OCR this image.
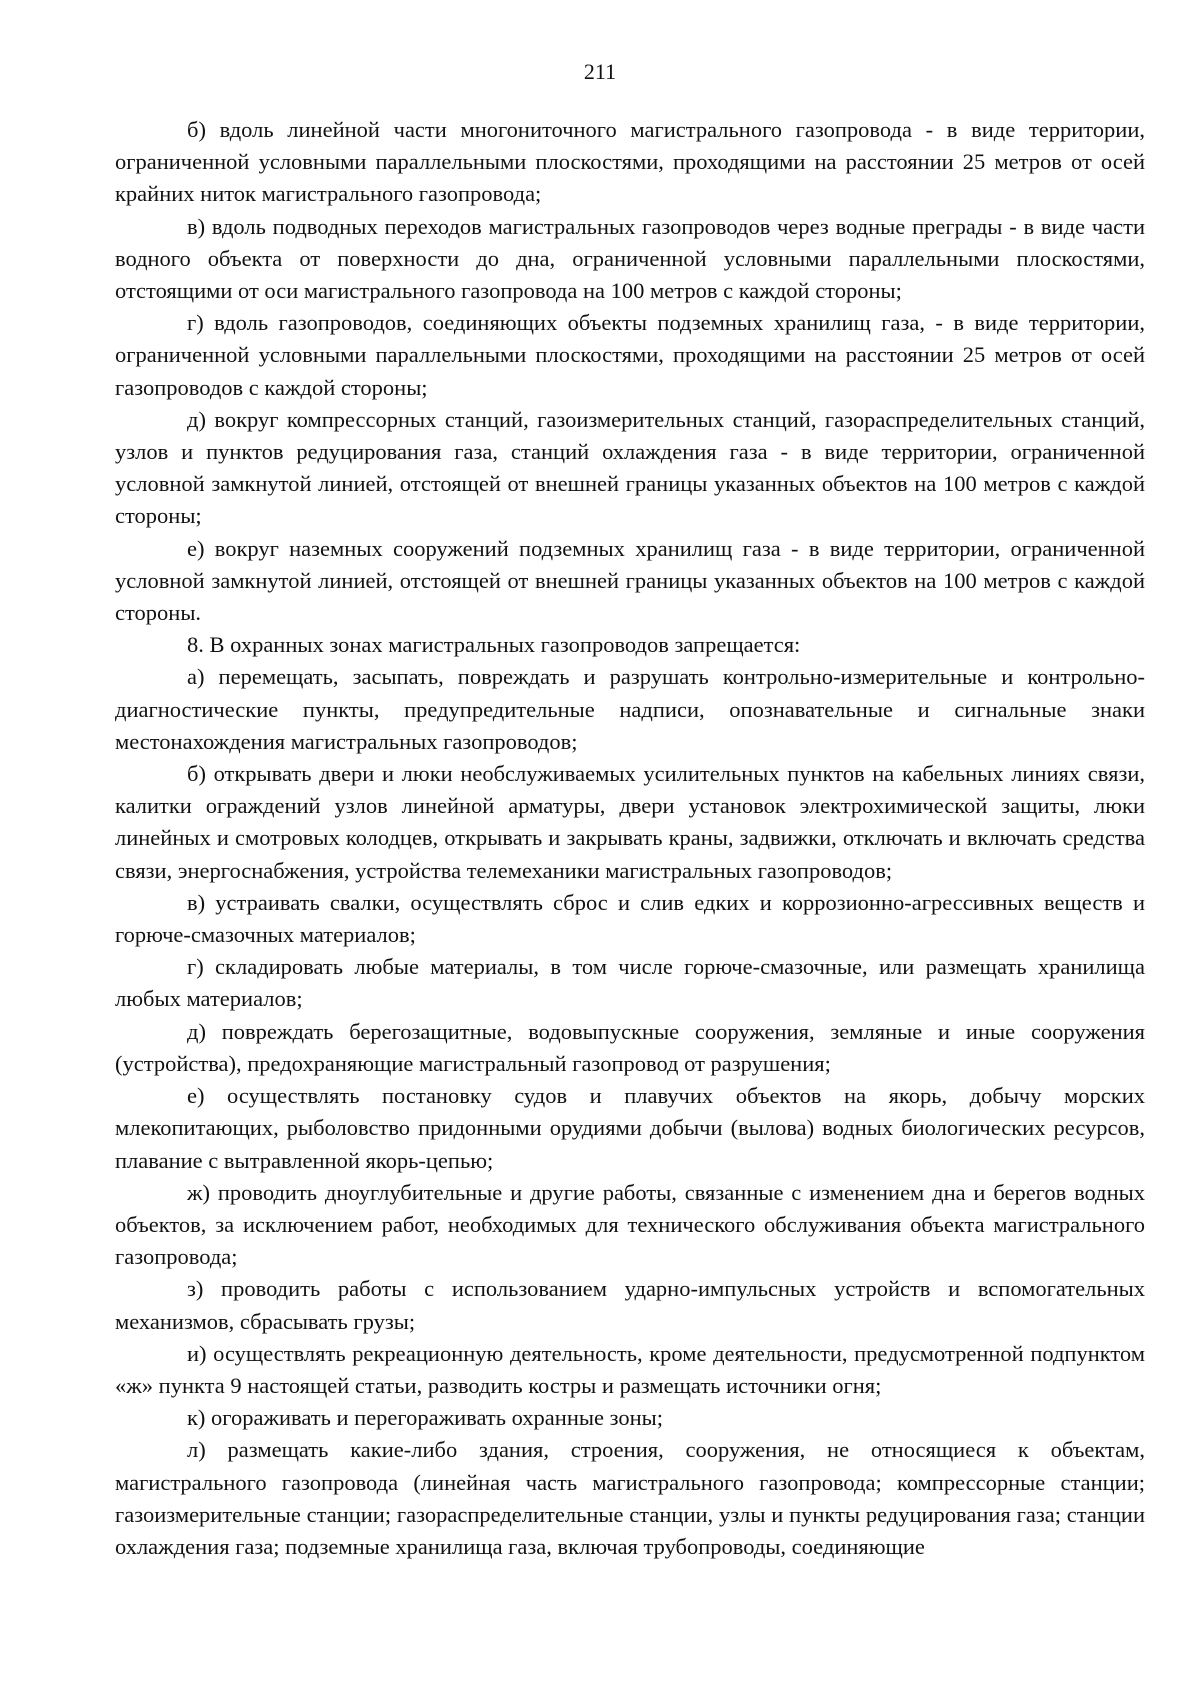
211

б) вдоль линейной части многониточного магистрального газопровода - в виде территории, ограниченной условными параллельными плоскостями, проходящими на расстоянии 25 метров от осей крайних ниток магистрального газопровода;

в) вдоль подводных переходов магистральных газопроводов через водные преграды - в виде части водного объекта от поверхности до дна, ограниченной условными параллельными плоскостями, отстоящими от оси магистрального газопровода на 100 метров с каждой стороны;

г) вдоль газопроводов, соединяющих объекты подземных хранилищ газа, - в виде территории, ограниченной условными параллельными плоскостями, проходящими на расстоянии 25 метров от осей газопроводов с каждой стороны;

д) вокруг компрессорных станций, газоизмерительных станций, газораспределительных станций, узлов и пунктов редуцирования газа, станций охлаждения газа - в виде территории, ограниченной условной замкнутой линией, отстоящей от внешней границы указанных объектов на 100 метров с каждой стороны;

е) вокруг наземных сооружений подземных хранилищ газа - в виде территории, ограниченной условной замкнутой линией, отстоящей от внешней границы указанных объектов на 100 метров с каждой стороны.

8. В охранных зонах магистральных газопроводов запрещается:

а) перемещать, засыпать, повреждать и разрушать контрольно-измерительные и контрольно-диагностические пункты, предупредительные надписи, опознавательные и сигнальные знаки местонахождения магистральных газопроводов;

б) открывать двери и люки необслуживаемых усилительных пунктов на кабельных линиях связи, калитки ограждений узлов линейной арматуры, двери установок электрохимической защиты, люки линейных и смотровых колодцев, открывать и закрывать краны, задвижки, отключать и включать средства связи, энергоснабжения, устройства телемеханики магистральных газопроводов;

в) устраивать свалки, осуществлять сброс и слив едких и коррозионно-агрессивных веществ и горюче-смазочных материалов;

г) складировать любые материалы, в том числе горюче-смазочные, или размещать хранилища любых материалов;

д) повреждать берегозащитные, водовыпускные сооружения, земляные и иные сооружения (устройства), предохраняющие магистральный газопровод от разрушения;

е) осуществлять постановку судов и плавучих объектов на якорь, добычу морских млекопитающих, рыболовство придонными орудиями добычи (вылова) водных биологических ресурсов, плавание с вытравленной якорь-цепью;

ж) проводить дноуглубительные и другие работы, связанные с изменением дна и берегов водных объектов, за исключением работ, необходимых для технического обслуживания объекта магистрального газопровода;

з) проводить работы с использованием ударно-импульсных устройств и вспомогательных механизмов, сбрасывать грузы;

и) осуществлять рекреационную деятельность, кроме деятельности, предусмотренной подпунктом «ж» пункта 9 настоящей статьи, разводить костры и размещать источники огня;

к) огораживать и перегораживать охранные зоны;

л) размещать какие-либо здания, строения, сооружения, не относящиеся к объектам, магистрального газопровода (линейная часть магистрального газопровода; компрессорные станции; газоизмерительные станции; газораспределительные станции, узлы и пункты редуцирования газа; станции охлаждения газа; подземные хранилища газа, включая трубопроводы, соединяющие
